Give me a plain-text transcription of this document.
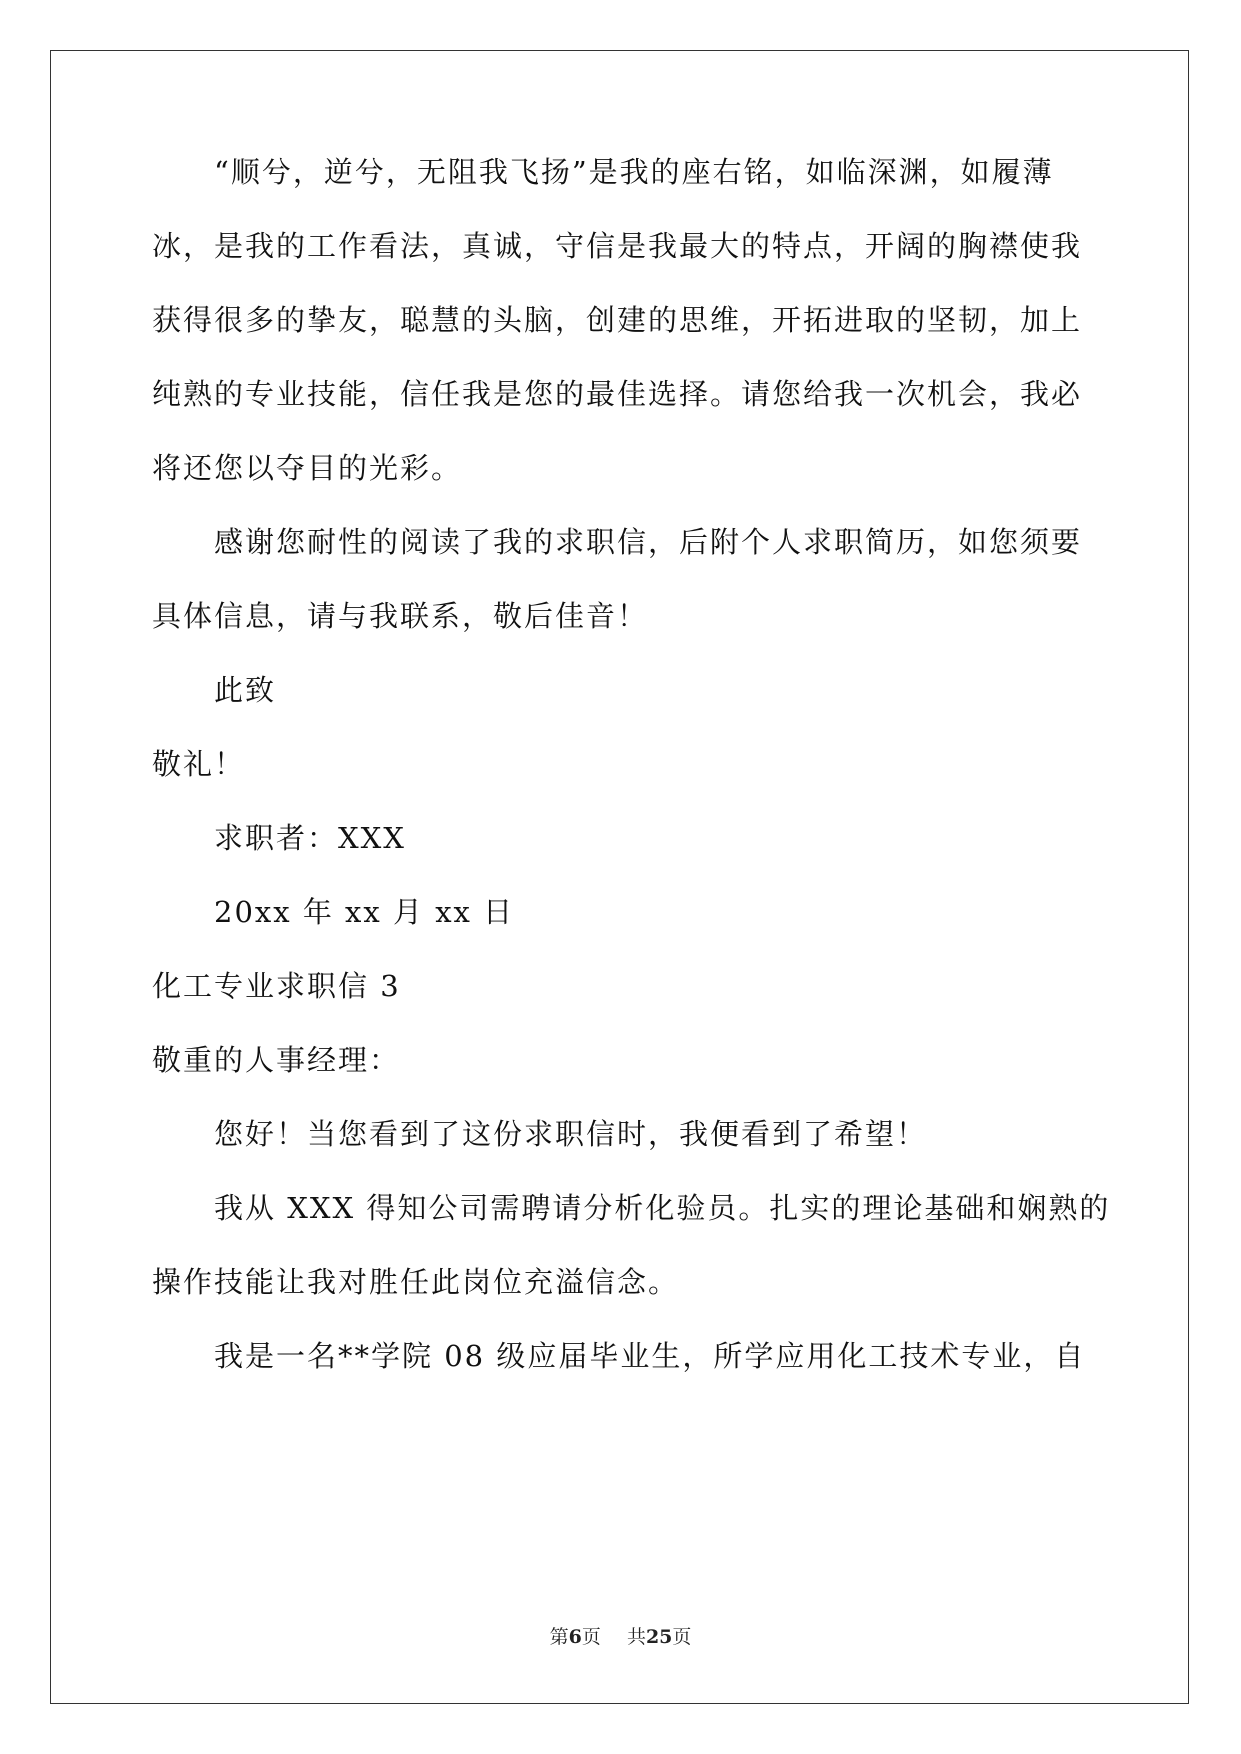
“顺兮，逆兮，无阻我飞扬”是我的座右铭，如临深渊，如履薄
冰，是我的工作看法，真诚，守信是我最大的特点，开阔的胸襟使我
获得很多的挚友，聪慧的头脑，创建的思维，开拓进取的坚韧，加上
纯熟的专业技能，信任我是您的最佳选择。请您给我一次机会，我必
将还您以夺目的光彩。
感谢您耐性的阅读了我的求职信，后附个人求职简历，如您须要
具体信息，请与我联系，敬后佳音！
此致
敬礼！
求职者：XXX
20xx 年 xx 月 xx 日
化工专业求职信 3
敬重的人事经理：
您好！当您看到了这份求职信时，我便看到了希望！
我从 XXX 得知公司需聘请分析化验员。扎实的理论基础和娴熟的
操作技能让我对胜任此岗位充溢信念。
我是一名**学院 08 级应届毕业生，所学应用化工技术专业，自
第6页 共25页
